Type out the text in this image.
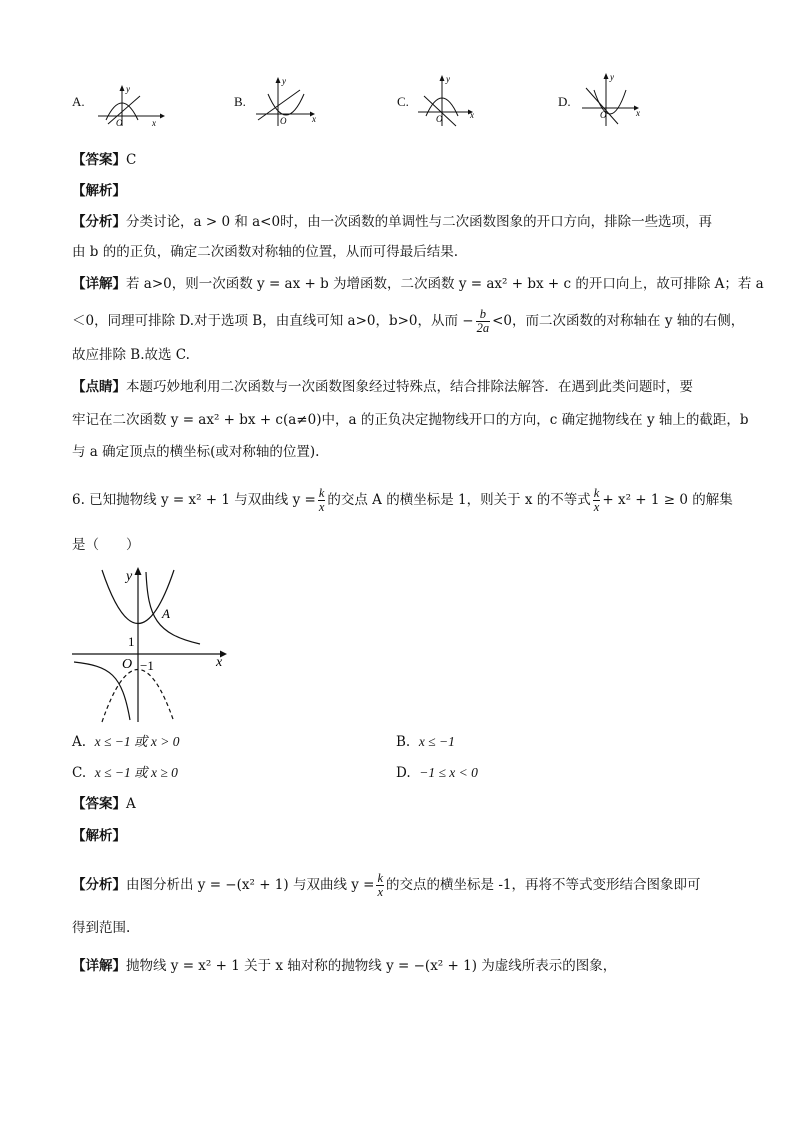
A.
O	x
y
B.
O	x
y
C.
O	x
y
D.
O	x
y
【答案】C
【解析】
【分析】分类讨论，a > 0 和 a<0时，由一次函数的单调性与二次函数图象的开口方向，排除一些选项，再
由 b 的的正负，确定二次函数对称轴的位置，从而可得最后结果.
【详解】若 a>0，则一次函数 y = ax + b 为增函数，二次函数 y = ax² + bx + c 的开口向上，故可排除 A；若 a
＜0，同理可排除 D.对于选项 B，由直线可知 a>0，b>0，从而 − $\frac{b}{2a} <0$，而二次函数的对称轴在 y 轴的右侧，
故应排除 B.故选 C.
【点睛】本题巧妙地利用二次函数与一次函数图象经过特殊点，结合排除法解答．在遇到此类问题时，要
牢记在二次函数 y = ax² + bx + c(a≠0)中，a 的正负决定抛物线开口的方向，c 确定抛物线在 y 轴上的截距，b
与 a 确定顶点的横坐标(或对称轴的位置).
6. 已知抛物线 y = x² + 1 与双曲线 $y = \frac{k}{x}$ 的交点 A 的横坐标是 1，则关于 x 的不等式 $\frac{k}{x} + x^2 + 1 \ge 0$ 的解集
是（　　）
y
x
O
1
−1
A
A. x ≤ −1 或 x > 0	B. x ≤ −1
C. x ≤ −1 或 x ≥ 0	D. −1 ≤ x < 0
【答案】A
【解析】
【分析】由图分析出 y = −(x² + 1) 与双曲线 $y = \frac{k}{x}$ 的交点的横坐标是 -1，再将不等式变形结合图象即可
得到范围.
【详解】抛物线 y = x² + 1 关于 x 轴对称的抛物线 y = −(x² + 1) 为虚线所表示的图象，
